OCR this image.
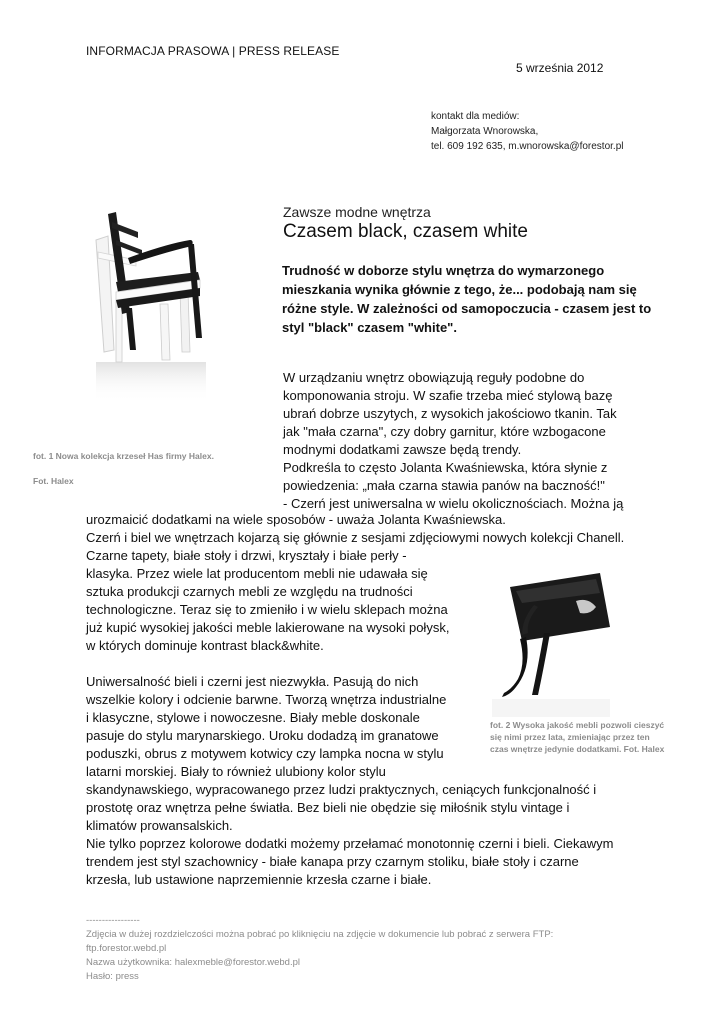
INFORMACJA PRASOWA | PRESS RELEASE
5 września 2012
kontakt dla mediów:
Małgorzata Wnorowska,
tel. 609 192 635, m.wnorowska@forestor.pl
fot. 1 Nowa kolekcja krzeseł Has firmy Halex.
Fot. Halex
Zawsze modne wnętrza
Czasem black, czasem white
Trudność w doborze stylu wnętrza do wymarzonego
mieszkania wynika głównie z tego, że... podobają nam się
różne style. W zależności od samopoczucia - czasem jest to
styl "black" czasem "white".
W urządzaniu wnętrz obowiązują reguły podobne do
komponowania stroju. W szafie trzeba mieć stylową bazę
ubrań dobrze uszytych, z wysokich jakościowo tkanin. Tak
jak "mała czarna", czy dobry garnitur, które wzbogacone
modnymi dodatkami zawsze będą trendy.
Podkreśla to często Jolanta Kwaśniewska, która słynie z
powiedzenia: „mała czarna stawia panów na baczność!"
- Czerń jest uniwersalna w wielu okolicznościach. Można ją
urozmaicić dodatkami na wiele sposobów - uważa Jolanta Kwaśniewska.
Czerń i biel we wnętrzach kojarzą się głównie z sesjami zdjęciowymi nowych kolekcji Chanell.
Czarne tapety, białe stoły i drzwi, kryształy i białe perły -
klasyka. Przez wiele lat producentom mebli nie udawała się
sztuka produkcji czarnych mebli ze względu na trudności
technologiczne. Teraz się to zmieniło i w wielu sklepach można
już kupić wysokiej jakości meble lakierowane na wysoki połysk,
w których dominuje kontrast black&white.

Uniwersalność bieli i czerni jest niezwykła. Pasują do nich
wszelkie kolory i odcienie barwne. Tworzą wnętrza industrialne
i klasyczne, stylowe i nowoczesne. Biały meble doskonale
pasuje do stylu marynarskiego. Uroku dodadzą im granatowe
poduszki, obrus z motywem kotwicy czy lampka nocna w stylu
latarni morskiej. Biały to również ulubiony kolor stylu
skandynawskiego, wypracowanego przez ludzi praktycznych, ceniących funkcjonalność i
prostotę oraz wnętrza pełne światła. Bez bieli nie obędzie się miłośnik stylu vintage i
klimatów prowansalskich.
Nie tylko poprzez kolorowe dodatki możemy przełamać monotonnię czerni i bieli. Ciekawym
trendem jest styl szachownicy - białe kanapa przy czarnym stoliku, białe stoły i czarne
krzesła, lub ustawione naprzemiennie krzesła czarne i białe.
fot. 2 Wysoka jakość mebli pozwoli cieszyć
się nimi przez lata, zmieniając przez ten
czas wnętrze jedynie dodatkami. Fot. Halex
-----------------
Zdjęcia w dużej rozdzielczości można pobrać po kliknięciu na zdjęcie w dokumencie lub pobrać z serwera FTP:
ftp.forestor.webd.pl
Nazwa użytkownika: halexmeble@forestor.webd.pl
Hasło: press
